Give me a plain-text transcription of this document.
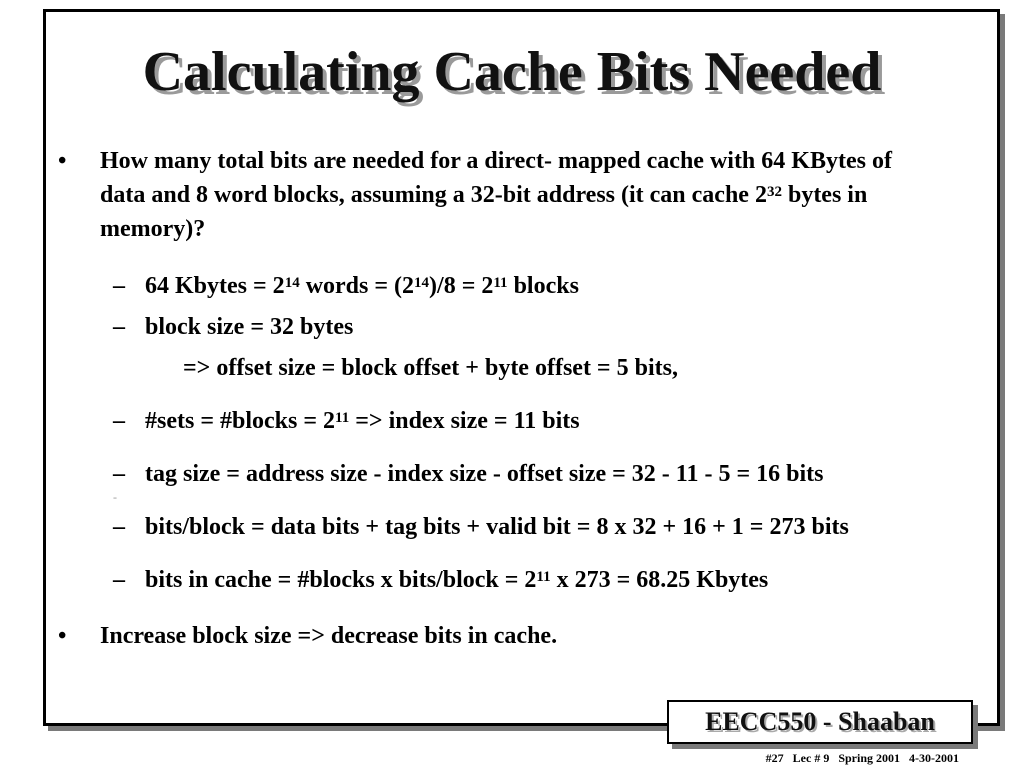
Calculating Cache Bits Needed
• How many total bits are needed for a direct- mapped cache with 64 KBytes of data and 8 word blocks, assuming a 32-bit address (it can cache $2^{32}$ bytes in memory)?
– 64 Kbytes = $2^{14}$ words = $(2^{14})/8 = 2^{11}$ blocks
– block size = 32 bytes
=> offset size = block offset + byte offset = 5 bits,
– #sets = #blocks = $2^{11}$ => index size = 11 bits
– tag size = address size - index size - offset size = 32 - 11 - 5 = 16 bits
-
– bits/block = data bits + tag bits + valid bit = 8 x 32 + 16 + 1 = 273 bits
– bits in cache = #blocks x bits/block = $2^{11}$ x 273 = 68.25 Kbytes
• Increase block size => decrease bits in cache.
EECC550 - Shaaban
#27   Lec # 9   Spring 2001   4-30-2001
